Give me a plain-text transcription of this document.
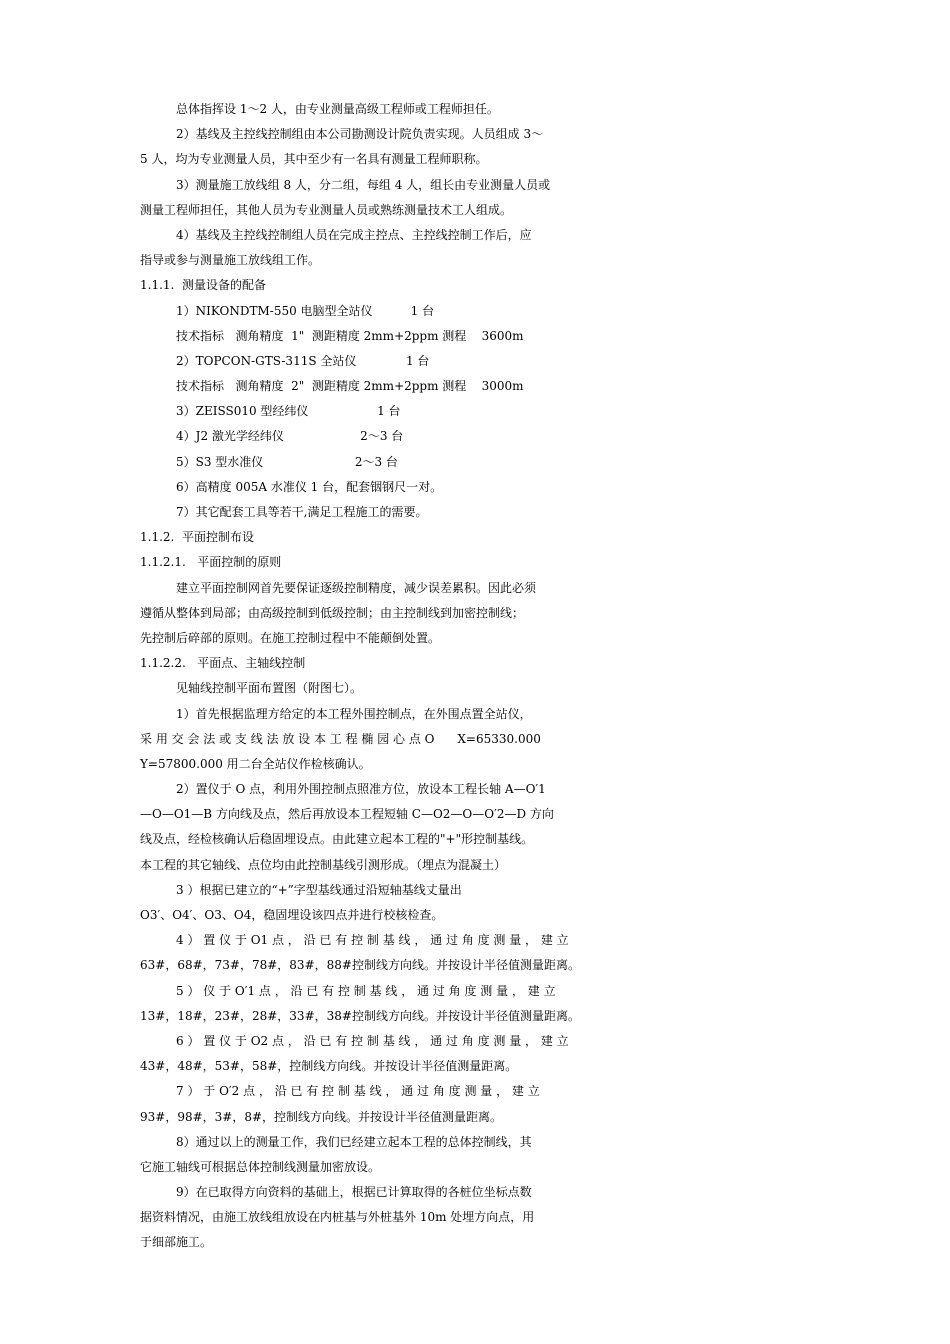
总体指挥设 1～2 人，由专业测量高级工程师或工程师担任。

2）基线及主控线控制组由本公司勘测设计院负责实现。人员组成 3～

5 人，均为专业测量人员，其中至少有一名具有测量工程师职称。

3）测量施工放线组 8 人，分二组，每组 4 人，组长由专业测量人员或

测量工程师担任，其他人员为专业测量人员或熟练测量技术工人组成。

4）基线及主控线控制组人员在完成主控点、主控线控制工作后，应

指导或参与测量施工放线组工作。

1.1.1.  测量设备的配备

1）NIKONDTM-550 电脑型全站仪          1 台

技术指标   测角精度  1"  测距精度 2mm+2ppm 测程    3600m

2）TOPCON-GTS-311S 全站仪             1 台

技术指标   测角精度  2"  测距精度 2mm+2ppm 测程    3000m

3）ZEISS010 型经纬仪                  1 台

4）J2 激光学经纬仪                    2～3 台

5）S3 型水准仪                        2～3 台

6）高精度 005A 水准仪 1 台，配套铟钢尺一对。

7）其它配套工具等若干,满足工程施工的需要。

1.1.2.  平面控制布设

1.1.2.1.   平面控制的原则

建立平面控制网首先要保证逐级控制精度，减少误差累积。因此必须

遵循从整体到局部；由高级控制到低级控制；由主控制线到加密控制线；

先控制后碎部的原则。在施工控制过程中不能颠倒处置。

1.1.2.2.   平面点、主轴线控制

见轴线控制平面布置图（附图七）。

1）首先根据监理方给定的本工程外围控制点，在外围点置全站仪，

采 用 交 会 法 或 支 线 法 放 设 本 工 程 椭 园 心 点 O      X=65330.000

Y=57800.000 用二台全站仪作检核确认。

2）置仪于 O 点，利用外围控制点照准方位，放设本工程长轴 A—O′1

—O—O1—B 方向线及点，然后再放设本工程短轴 C—O2—O—O′2—D 方向

线及点，经检核确认后稳固埋设点。由此建立起本工程的"+"形控制基线。

本工程的其它轴线、点位均由此控制基线引测形成。（埋点为混凝土）

3 ）根据已建立的“+”字型基线通过沿短轴基线丈量出

O3′、O4′、O3、O4，稳固埋设该四点并进行校核检查。

4 ） 置 仪 于 O1 点 ， 沿 已 有 控 制 基 线 ， 通 过 角 度 测 量 ， 建 立

63#，68#，73#，78#，83#，88#控制线方向线。并按设计半径值测量距离。

5 ） 仪 于 O′1 点 ， 沿 已 有 控 制 基 线 ， 通 过 角 度 测 量 ， 建 立

13#，18#，23#，28#，33#，38#控制线方向线。并按设计半径值测量距离。

6 ） 置 仪 于 O2 点 ， 沿 已 有 控 制 基 线 ， 通 过 角 度 测 量 ， 建 立

43#，48#，53#，58#，控制线方向线。并按设计半径值测量距离。

7 ） 于 O′2 点 ， 沿 已 有 控 制 基 线 ， 通 过 角 度 测 量 ， 建 立

93#，98#，3#，8#，控制线方向线。并按设计半径值测量距离。

8）通过以上的测量工作，我们已经建立起本工程的总体控制线，其

它施工轴线可根据总体控制线测量加密放设。

9）在已取得方向资料的基础上，根据已计算取得的各桩位坐标点数

据资料情况，由施工放线组放设在内桩基与外桩基外 10m 处埋方向点，用

于细部施工。
